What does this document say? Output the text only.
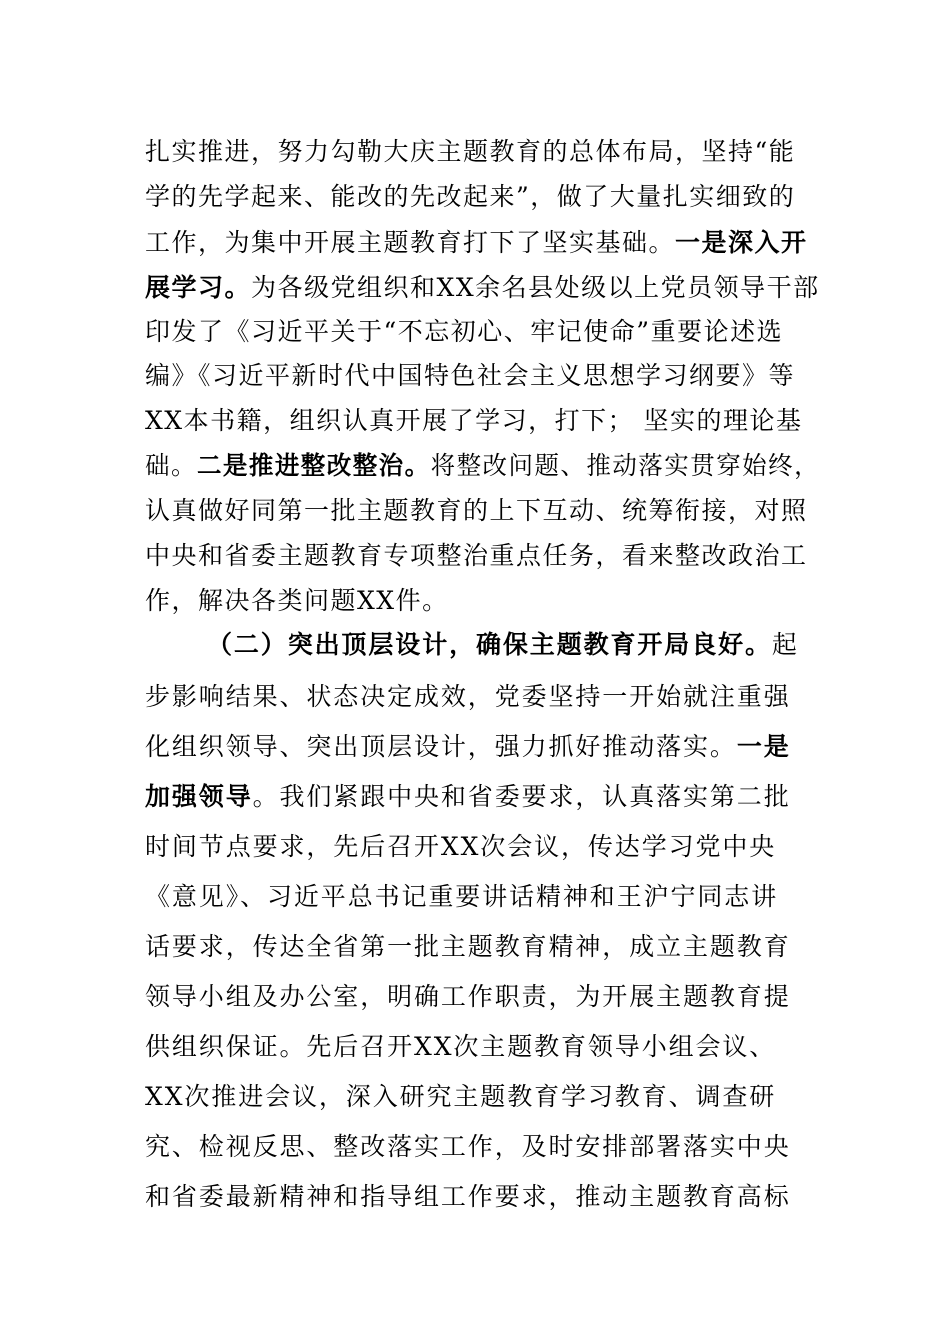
扎实推进，努力勾勒大庆主题教育的总体布局，坚持“能
学的先学起来、能改的先改起来”，做了大量扎实细致的
工作，为集中开展主题教育打下了坚实基础。一是深入开
展学习。为各级党组织和XX余名县处级以上党员领导干部
印发了《习近平关于“不忘初心、牢记使命”重要论述选
编》《习近平新时代中国特色社会主义思想学习纲要》等
XX本书籍，组织认真开展了学习，打下； 坚实的理论基
础。二是推进整改整治。将整改问题、推动落实贯穿始终，
认真做好同第一批主题教育的上下互动、统筹衔接，对照
中央和省委主题教育专项整治重点任务，看来整改政治工
作，解决各类问题XX件。
（二）突出顶层设计，确保主题教育开局良好。起
步影响结果、状态决定成效，党委坚持一开始就注重强
化组织领导、突出顶层设计，强力抓好推动落实。一是
加强领导。我们紧跟中央和省委要求，认真落实第二批
时间节点要求，先后召开XX次会议，传达学习党中央
《意见》、习近平总书记重要讲话精神和王沪宁同志讲
话要求，传达全省第一批主题教育精神，成立主题教育
领导小组及办公室，明确工作职责，为开展主题教育提
供组织保证。先后召开XX次主题教育领导小组会议、
XX次推进会议，深入研究主题教育学习教育、调查研
究、检视反思、整改落实工作，及时安排部署落实中央
和省委最新精神和指导组工作要求，推动主题教育高标
